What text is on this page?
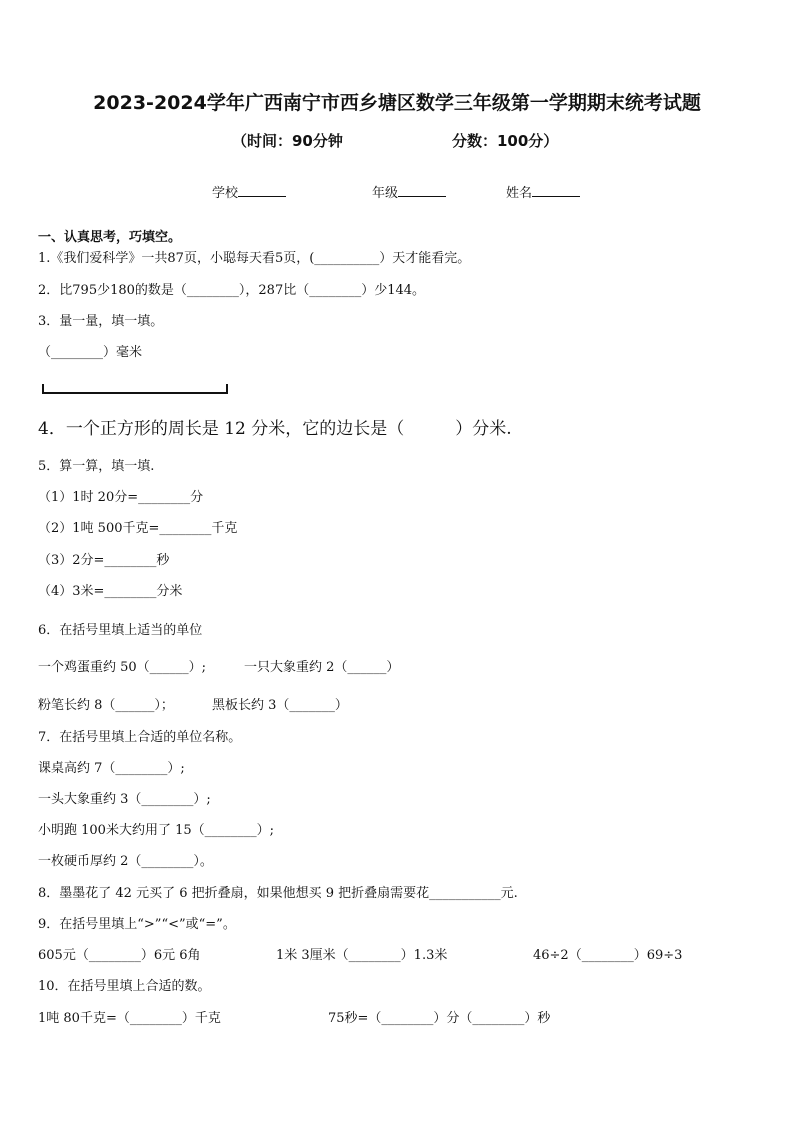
2023-2024学年广西南宁市西乡塘区数学三年级第一学期期末统考试题
（时间：90分钟	分数：100分）
学校	年级	姓名
一、认真思考，巧填空。
1.《我们爱科学》一共87页，小聪每天看5页，(__________）天才能看完。
2．比795少180的数是（________），287比（________）少144。
3．量一量，填一填。
（________）毫米
4．一个正方形的周长是 12 分米，它的边长是（　　　）分米.
5．算一算，填一填.
（1）1时 20分=________分
（2）1吨 500千克=________千克
（3）2分=________秒
（4）3米=________分米
6．在括号里填上适当的单位
一个鸡蛋重约 50（______）;	一只大象重约 2（______）
粉笔长约 8（______）；	黑板长约 3（_______）
7．在括号里填上合适的单位名称。
课桌高约 7（________）;
一头大象重约 3（________）;
小明跑 100米大约用了 15（________）;
一枚硬币厚约 2（________）。
8．墨墨花了 42 元买了 6 把折叠扇，如果他想买 9 把折叠扇需要花___________元.
9．在括号里填上“>”“<”或“=”。
605元（________）6元 6角	1米 3厘米（________）1.3米	46÷2（________）69÷3
10．在括号里填上合适的数。
1吨 80千克=（________）千克	75秒=（________）分（________）秒
